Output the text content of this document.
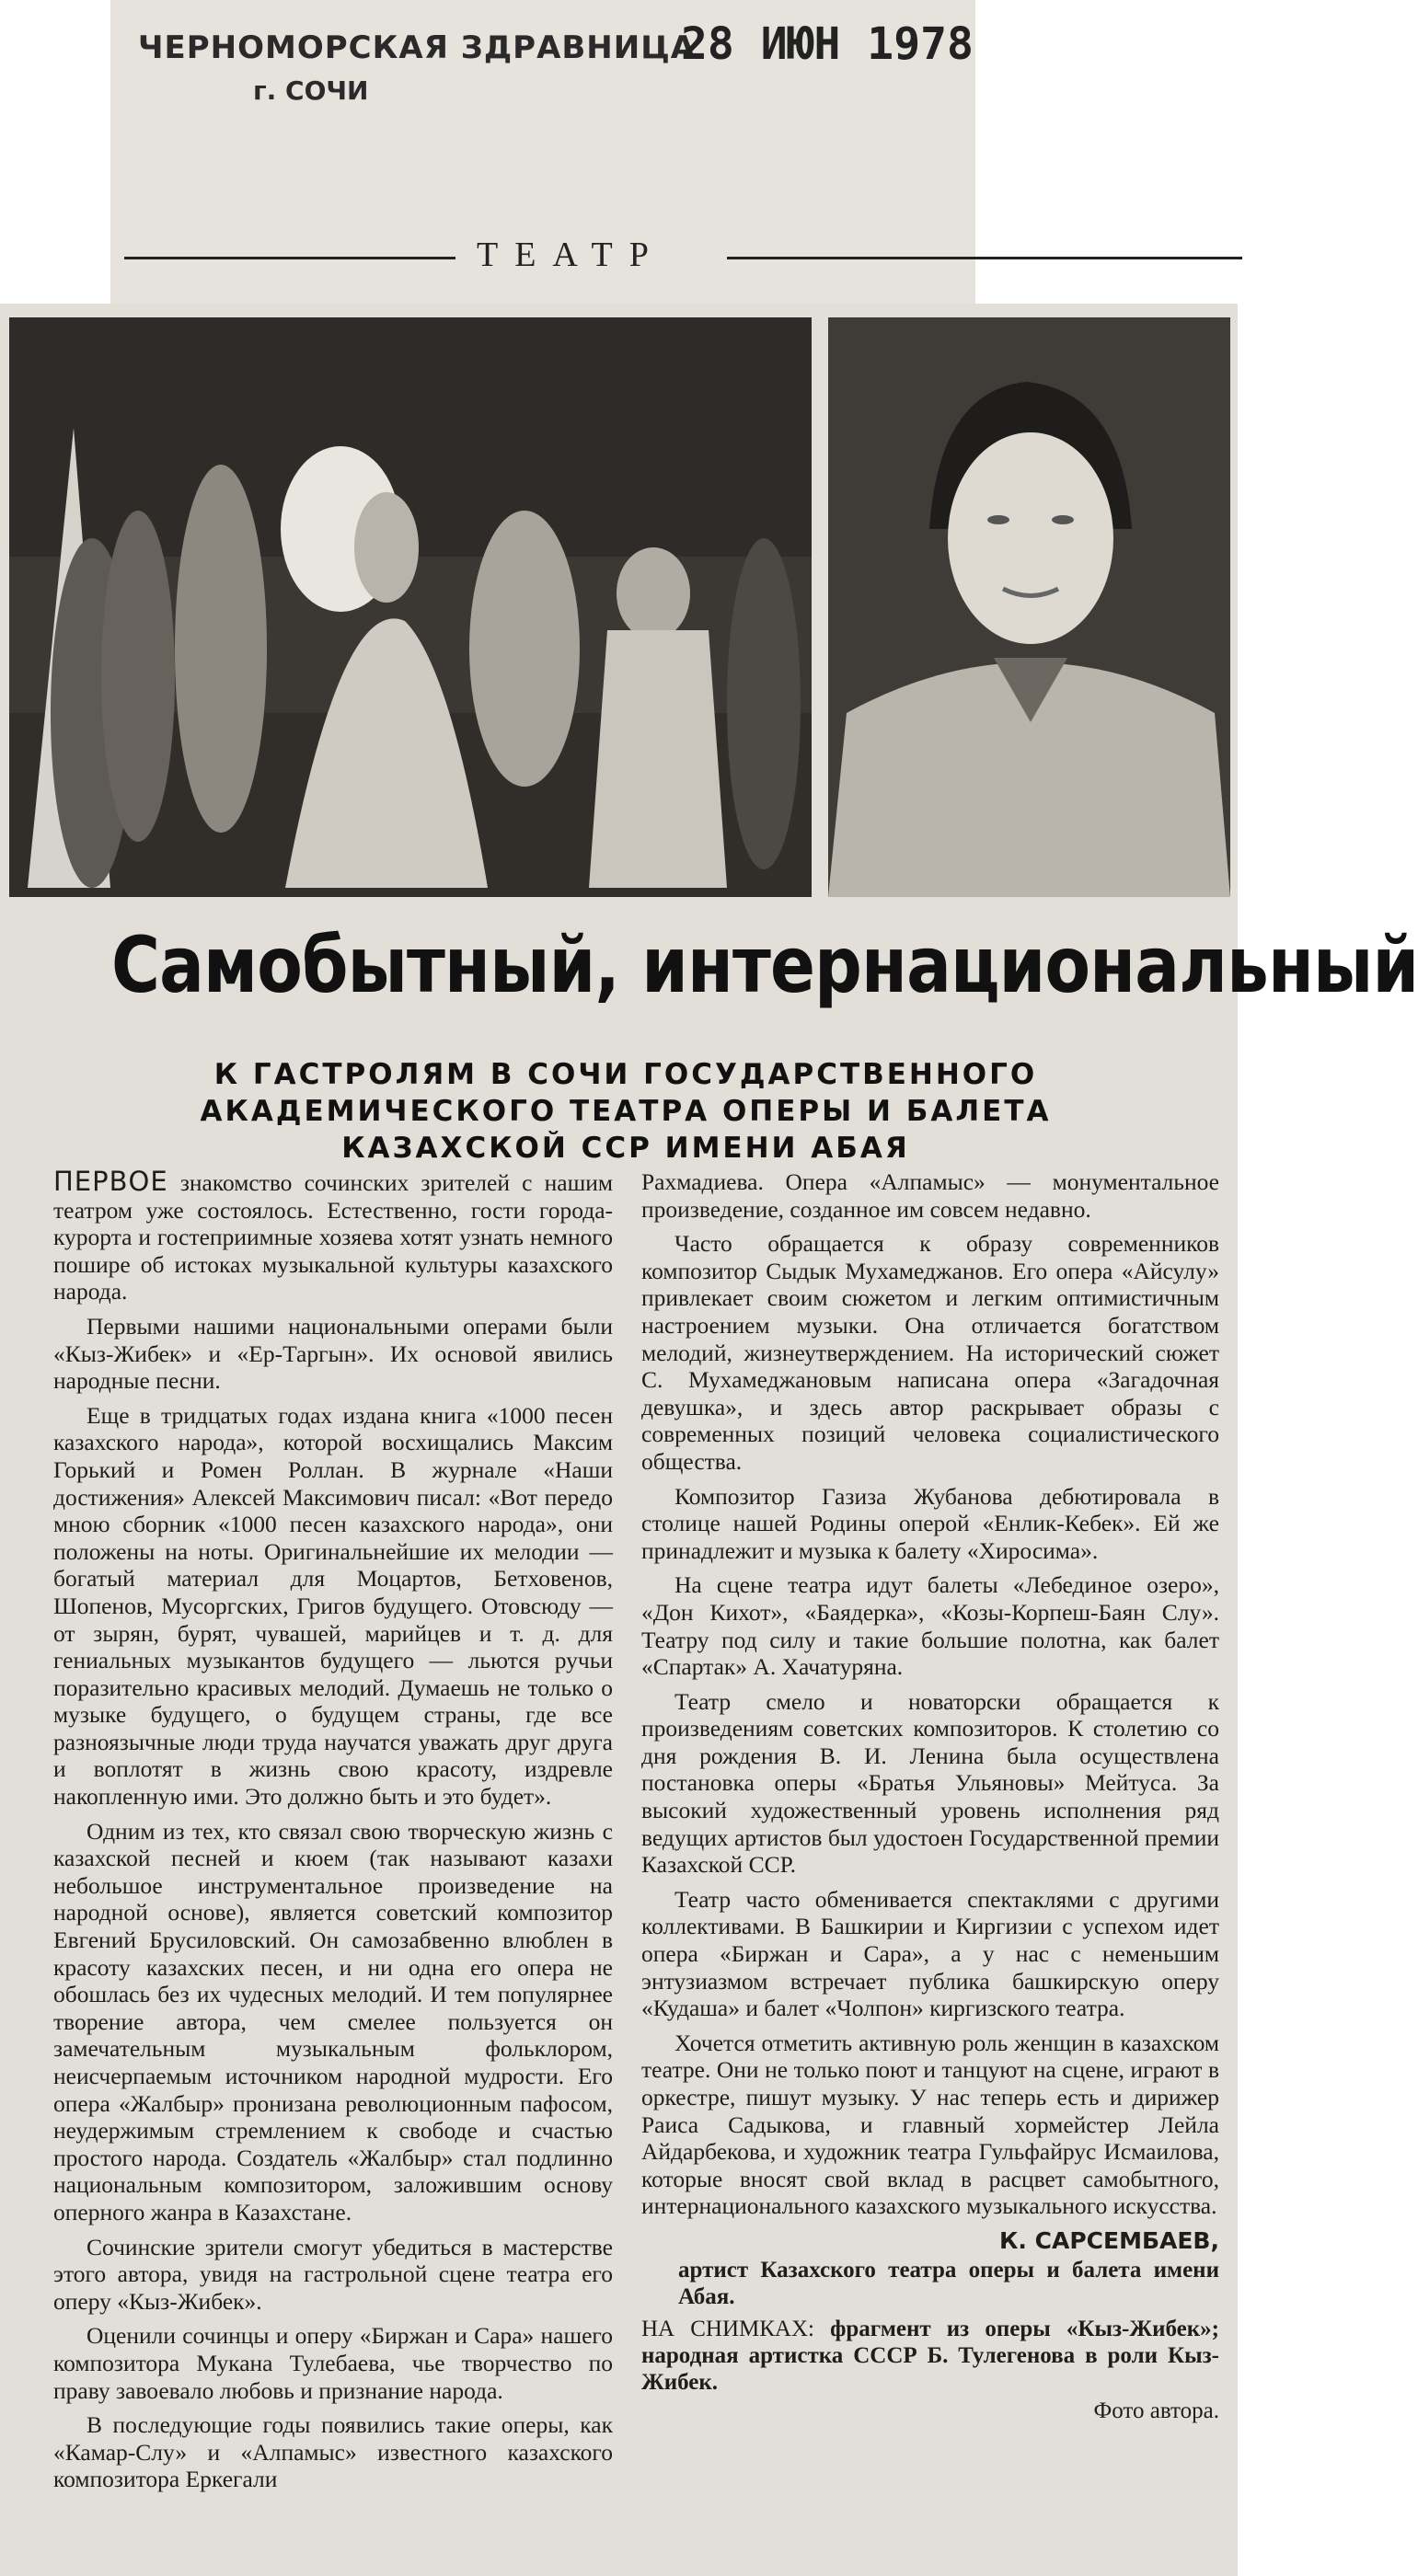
ЧЕРНОМОРСКАЯ ЗДРАВНИЦА
г. СОЧИ
28 ИЮН 1978
ТЕАТР
Самобытный, интернациональный
К ГАСТРОЛЯМ В СОЧИ ГОСУДАРСТВЕННОГО АКАДЕМИЧЕСКОГО ТЕАТРА ОПЕРЫ И БАЛЕТА КАЗАХСКОЙ ССР ИМЕНИ АБАЯ

ПЕРВОЕ знакомство сочинских зрителей с нашим театром уже состоялось. Естественно, гости города-курорта и гостеприимные хозяева хотят узнать немного пошире об истоках музыкальной культуры казахского народа.

Первыми нашими национальными операми были «Кыз-Жибек» и «Ер-Таргын». Их основой явились народные песни.

Еще в тридцатых годах издана книга «1000 песен казахского народа», которой восхищались Максим Горький и Ромен Роллан. В журнале «Наши достижения» Алексей Максимович писал: «Вот передо мною сборник «1000 песен казахского народа», они положены на ноты. Оригинальнейшие их мелодии — богатый материал для Моцартов, Бетховенов, Шопенов, Мусоргских, Григов будущего. Отовсюду — от зырян, бурят, чувашей, марийцев и т. д. для гениальных музыкантов будущего — льются ручьи поразительно красивых мелодий. Думаешь не только о музыке будущего, о будущем страны, где все разноязычные люди труда научатся уважать друг друга и воплотят в жизнь свою красоту, издревле накопленную ими. Это должно быть и это будет».

Одним из тех, кто связал свою творческую жизнь с казахской песней и кюем (так называют казахи небольшое инструментальное произведение на народной основе), является советский композитор Евгений Брусиловский. Он самозабвенно влюблен в красоту казахских песен, и ни одна его опера не обошлась без их чудесных мелодий. И тем популярнее творение автора, чем смелее пользуется он замечательным музыкальным фольклором, неисчерпаемым источником народной мудрости. Его опера «Жалбыр» пронизана революционным пафосом, неудержимым стремлением к свободе и счастью простого народа. Создатель «Жалбыр» стал подлинно национальным композитором, заложившим основу оперного жанра в Казахстане.

Сочинские зрители смогут убедиться в мастерстве этого автора, увидя на гастрольной сцене театра его оперу «Кыз-Жибек».

Оценили сочинцы и оперу «Биржан и Сара» нашего композитора Мукана Тулебаева, чье творчество по праву завоевало любовь и признание народа.

В последующие годы появились такие оперы, как «Камар-Слу» и «Алпамыс» известного казахского композитора Еркегали

Рахмадиева. Опера «Алпамыс» — монументальное произведение, созданное им совсем недавно.

Часто обращается к образу современников композитор Сыдык Мухамеджанов. Его опера «Айсулу» привлекает своим сюжетом и легким оптимистичным настроением музыки. Она отличается богатством мелодий, жизнеутверждением. На исторический сюжет С. Мухамеджановым написана опера «Загадочная девушка», и здесь автор раскрывает образы с современных позиций человека социалистического общества.

Композитор Газиза Жубанова дебютировала в столице нашей Родины оперой «Енлик-Кебек». Ей же принадлежит и музыка к балету «Хиросима».

На сцене театра идут балеты «Лебединое озеро», «Дон Кихот», «Баядерка», «Козы-Корпеш-Баян Слу». Театру под силу и такие большие полотна, как балет «Спартак» А. Хачатуряна.

Театр смело и новаторски обращается к произведениям советских композиторов. К столетию со дня рождения В. И. Ленина была осуществлена постановка оперы «Братья Ульяновы» Мейтуса. За высокий художественный уровень исполнения ряд ведущих артистов был удостоен Государственной премии Казахской ССР.

Театр часто обменивается спектаклями с другими коллективами. В Башкирии и Киргизии с успехом идет опера «Биржан и Сара», а у нас с неменьшим энтузиазмом встречает публика башкирскую оперу «Кудаша» и балет «Чолпон» киргизского театра.

Хочется отметить активную роль женщин в казахском театре. Они не только поют и танцуют на сцене, играют в оркестре, пишут музыку. У нас теперь есть и дирижер Раиса Садыкова, и главный хормейстер Лейла Айдарбекова, и художник театра Гульфайрус Исмаилова, которые вносят свой вклад в расцвет самобытного, интернационального казахского музыкального искусства.

К. САРСЕМБАЕВ,
артист Казахского театра оперы и балета имени Абая.
НА СНИМКАХ: фрагмент из оперы «Кыз-Жибек»; народная артистка СССР Б. Тулегенова в роли Кыз-Жибек.
Фото автора.
